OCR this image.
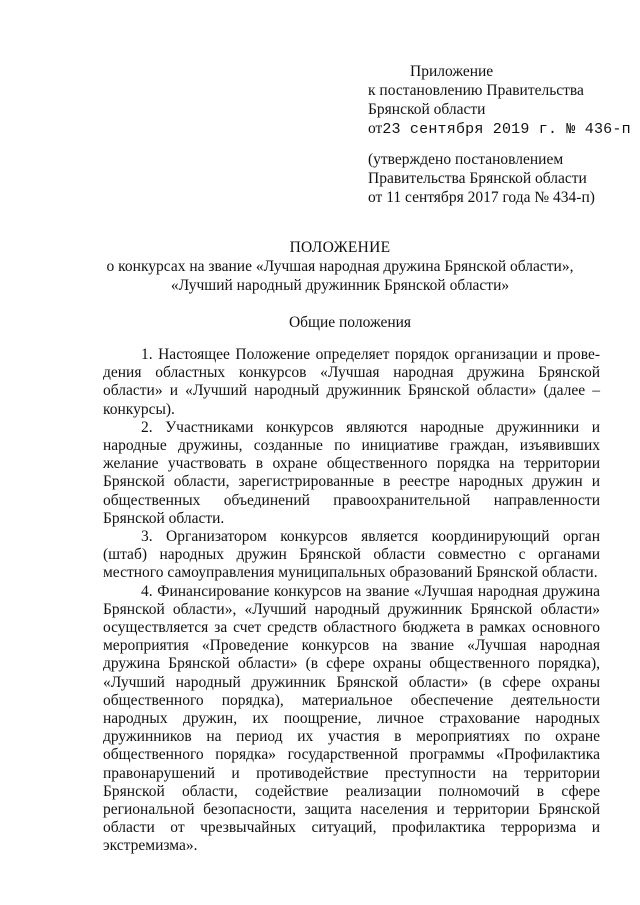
Приложение
к постановлению Правительства
Брянской области
от23 сентября 2019 г. № 436-п
(утверждено постановлением
Правительства Брянской области
от 11 сентября 2017 года № 434-п)
ПОЛОЖЕНИЕ
о конкурсах на звание «Лучшая народная дружина Брянской области»,
«Лучший народный дружинник Брянской области»
Общие положения

1. Настоящее Положение определяет порядок организации и проведения областных конкурсов «Лучшая народная дружина Брянской области» и «Лучший народный дружинник Брянской области» (далее – конкурсы).

2. Участниками конкурсов являются народные дружинники и народные дружины, созданные по инициативе граждан, изъявивших желание участвовать в охране общественного порядка на территории Брянской области, зарегистрированные в реестре народных дружин и общественных объединений правоохранительной направленности Брянской области.

3. Организатором конкурсов является координирующий орган (штаб) народных дружин Брянской области совместно с органами местного самоуправления муниципальных образований Брянской области.

4. Финансирование конкурсов на звание «Лучшая народная дружина Брянской области», «Лучший народный дружинник Брянской области» осуществляется за счет средств областного бюджета в рамках основного мероприятия «Проведение конкурсов на звание «Лучшая народная дружина Брянской области» (в сфере охраны общественного порядка), «Лучший народный дружинник Брянской области» (в сфере охраны общественного порядка), материальное обеспечение деятельности народных дружин, их поощрение, личное страхование народных дружинников на период их участия в мероприятиях по охране общественного порядка» государственной программы «Профилактика правонарушений и противодействие преступности на территории Брянской области, содействие реализации полномочий в сфере региональной безопасности, защита населения и территории Брянской области от чрезвычайных ситуаций, профилактика терроризма и экстремизма».
